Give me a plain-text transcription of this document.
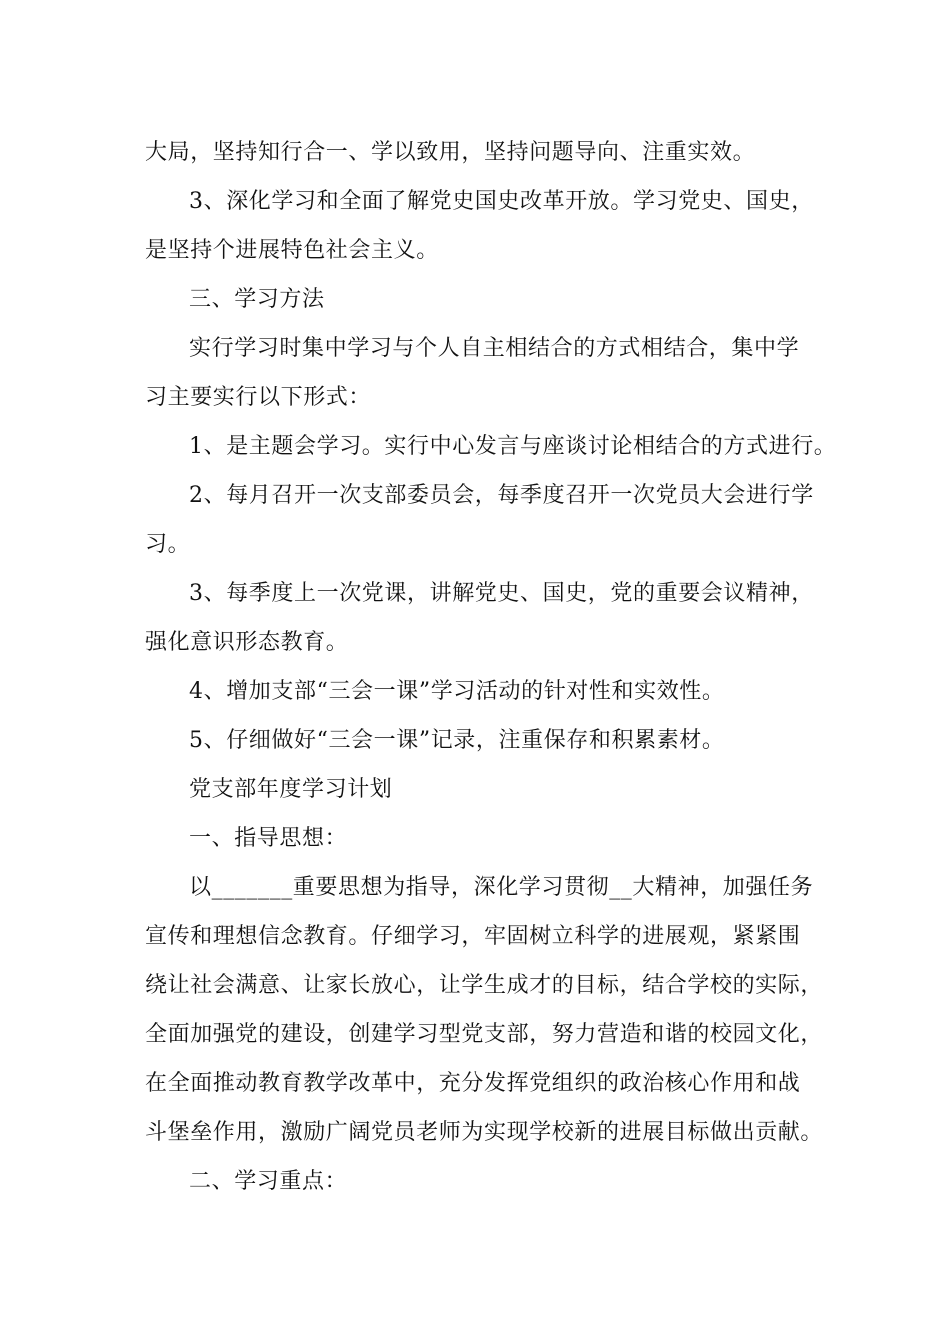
大局，坚持知行合一、学以致用，坚持问题导向、注重实效。

3、深化学习和全面了解党史国史改革开放。学习党史、国史，

是坚持个进展特色社会主义。

三、学习方法

实行学习时集中学习与个人自主相结合的方式相结合，集中学

习主要实行以下形式：

1、是主题会学习。实行中心发言与座谈讨论相结合的方式进行。

2、每月召开一次支部委员会，每季度召开一次党员大会进行学

习。

3、每季度上一次党课，讲解党史、国史，党的重要会议精神，

强化意识形态教育。

4、增加支部“三会一课”学习活动的针对性和实效性。

5、仔细做好“三会一课”记录，注重保存和积累素材。

党支部年度学习计划

一、指导思想：

以_______重要思想为指导，深化学习贯彻__大精神，加强任务

宣传和理想信念教育。仔细学习，牢固树立科学的进展观，紧紧围

绕让社会满意、让家长放心，让学生成才的目标，结合学校的实际，

全面加强党的建设，创建学习型党支部，努力营造和谐的校园文化，

在全面推动教育教学改革中，充分发挥党组织的政治核心作用和战

斗堡垒作用，激励广阔党员老师为实现学校新的进展目标做出贡献。

二、学习重点：
